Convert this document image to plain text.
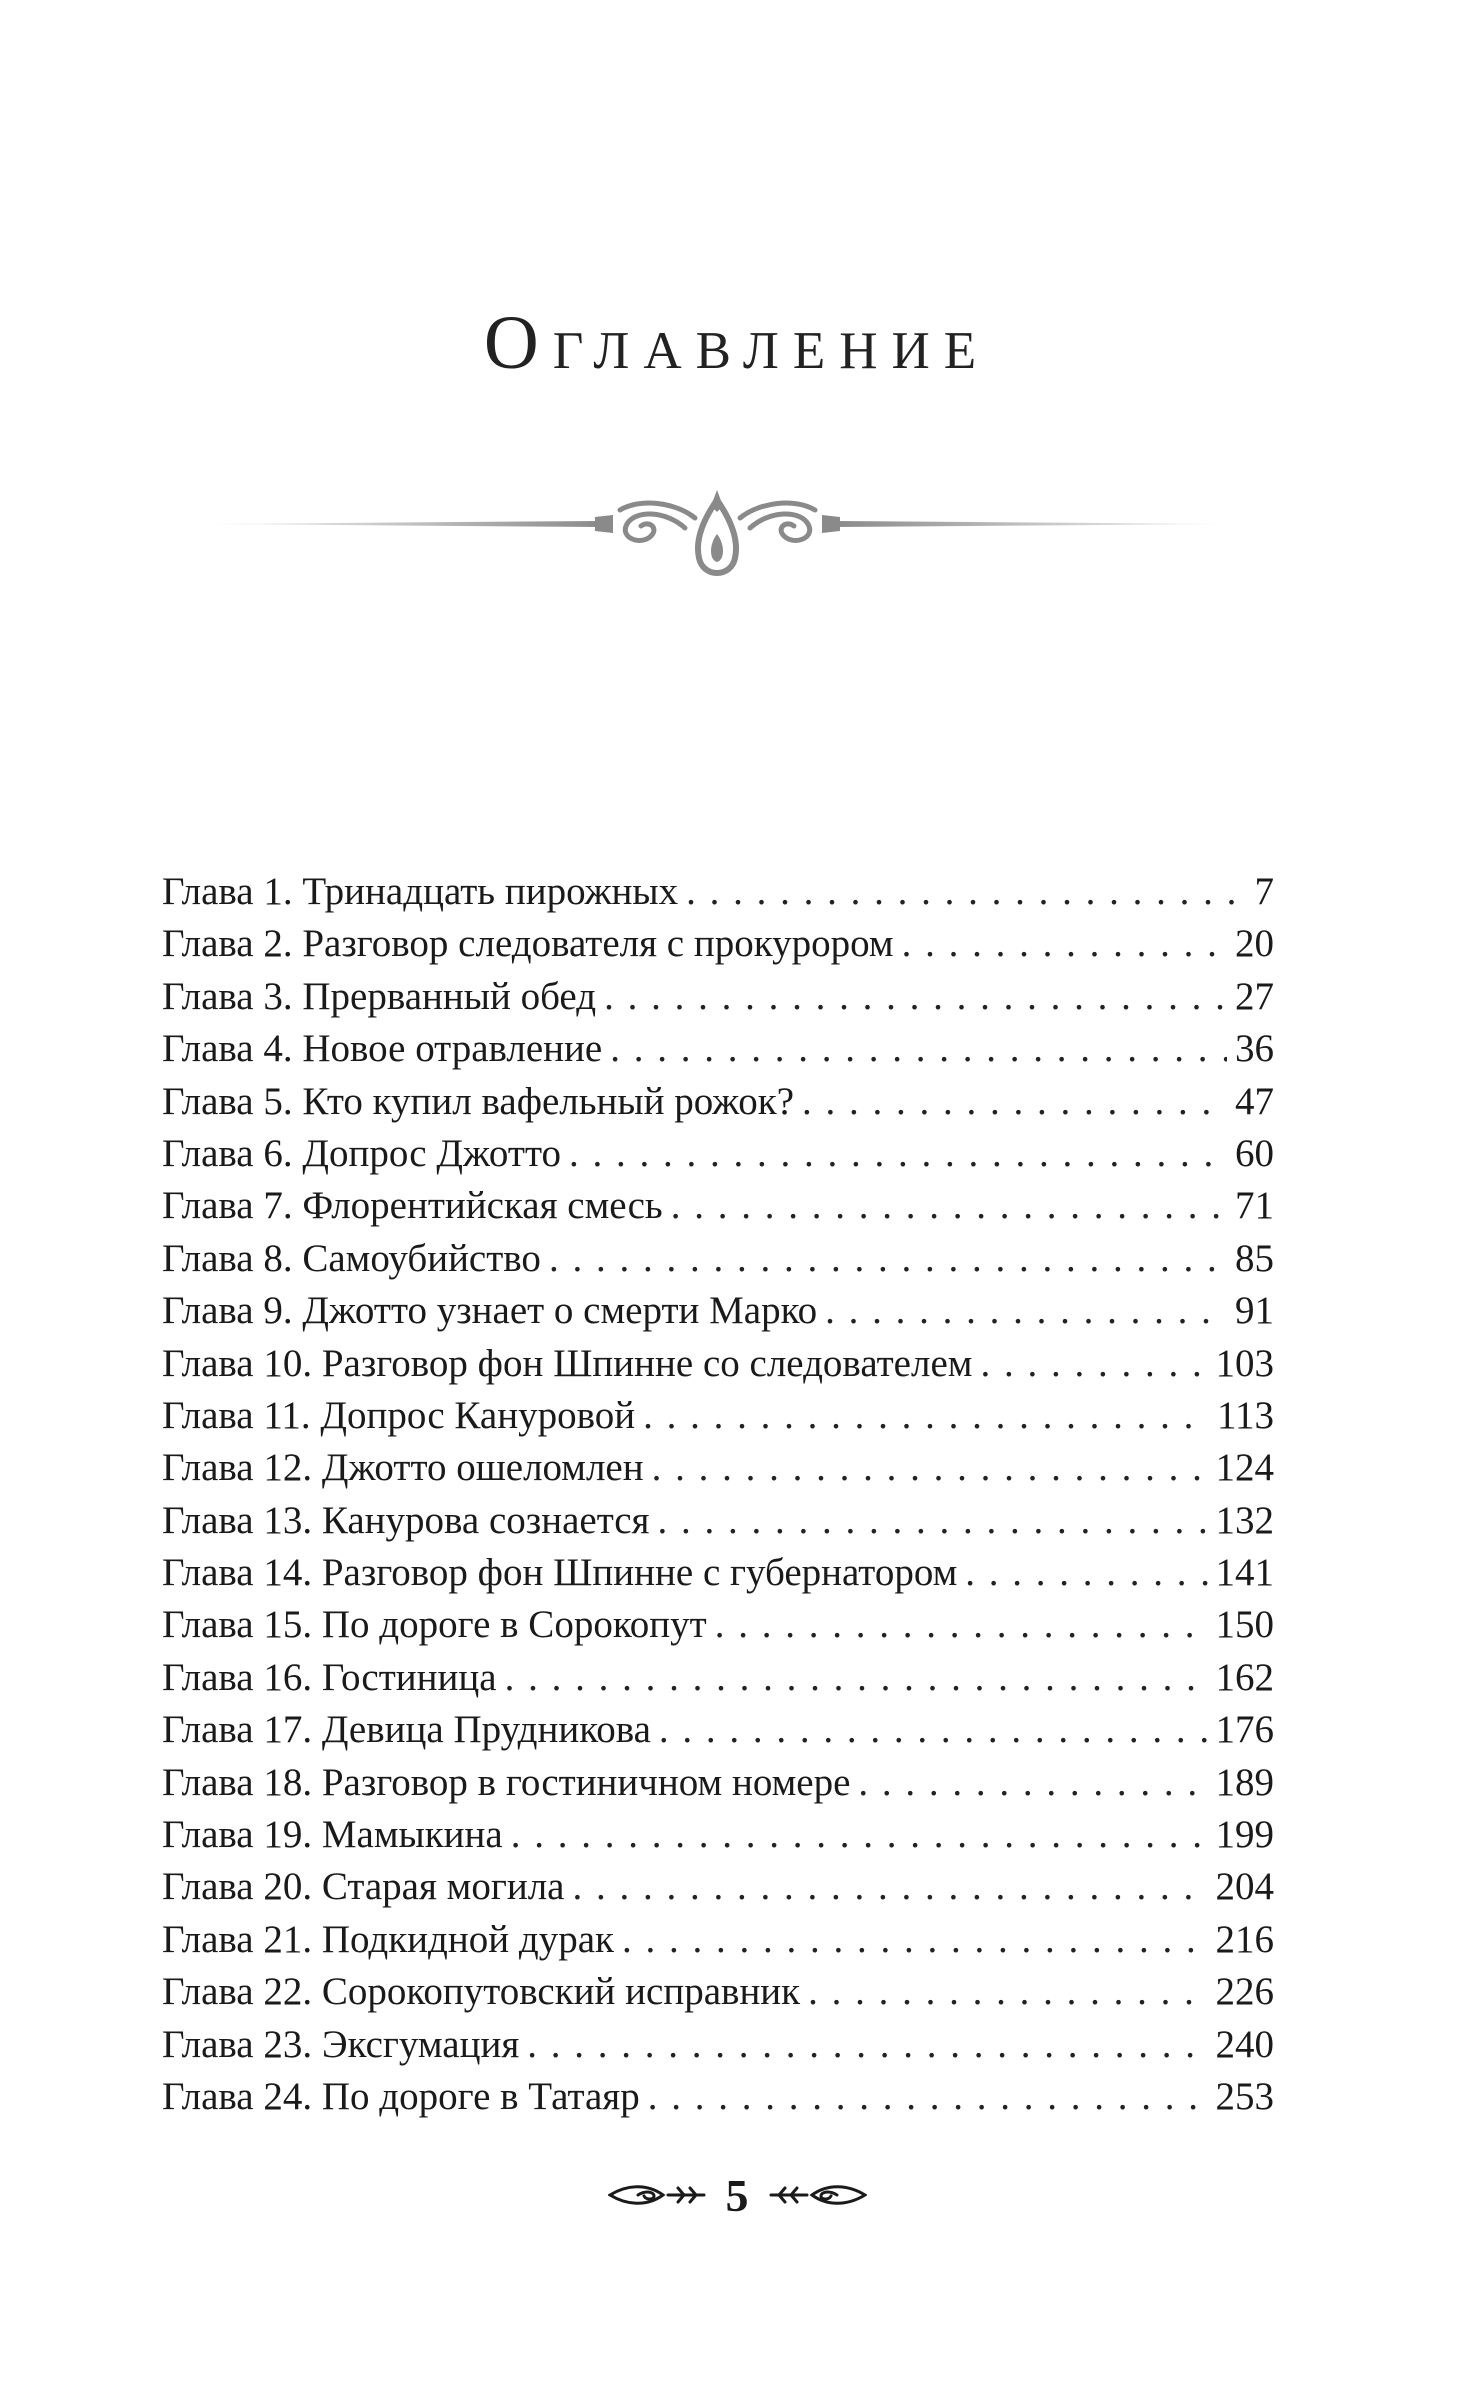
Оглавление
Глава 1. Тринадцать пирожных . . .	7
Глава 2. Разговор следователя с прокурором . . .	20
Глава 3. Прерванный обед . . .	27
Глава 4. Новое отравление . . .	36
Глава 5. Кто купил вафельный рожок? . . .	47
Глава 6. Допрос Джотто . . .	60
Глава 7. Флорентийская смесь . . .	71
Глава 8. Самоубийство . . .	85
Глава 9. Джотто узнает о смерти Марко . . .	91
Глава 10. Разговор фон Шпинне со следователем . . .	103
Глава 11. Допрос Кануровой . . .	113
Глава 12. Джотто ошеломлен . . .	124
Глава 13. Канурова сознается . . .	132
Глава 14. Разговор фон Шпинне с губернатором . . .	141
Глава 15. По дороге в Сорокопут . . .	150
Глава 16. Гостиница . . .	162
Глава 17. Девица Прудникова . . .	176
Глава 18. Разговор в гостиничном номере . . .	189
Глава 19. Мамыкина . . .	199
Глава 20. Старая могила . . .	204
Глава 21. Подкидной дурак . . .	216
Глава 22. Сорокопутовский исправник . . .	226
Глава 23. Эксгумация . . .	240
Глава 24. По дороге в Татаяр . . .	253
5
